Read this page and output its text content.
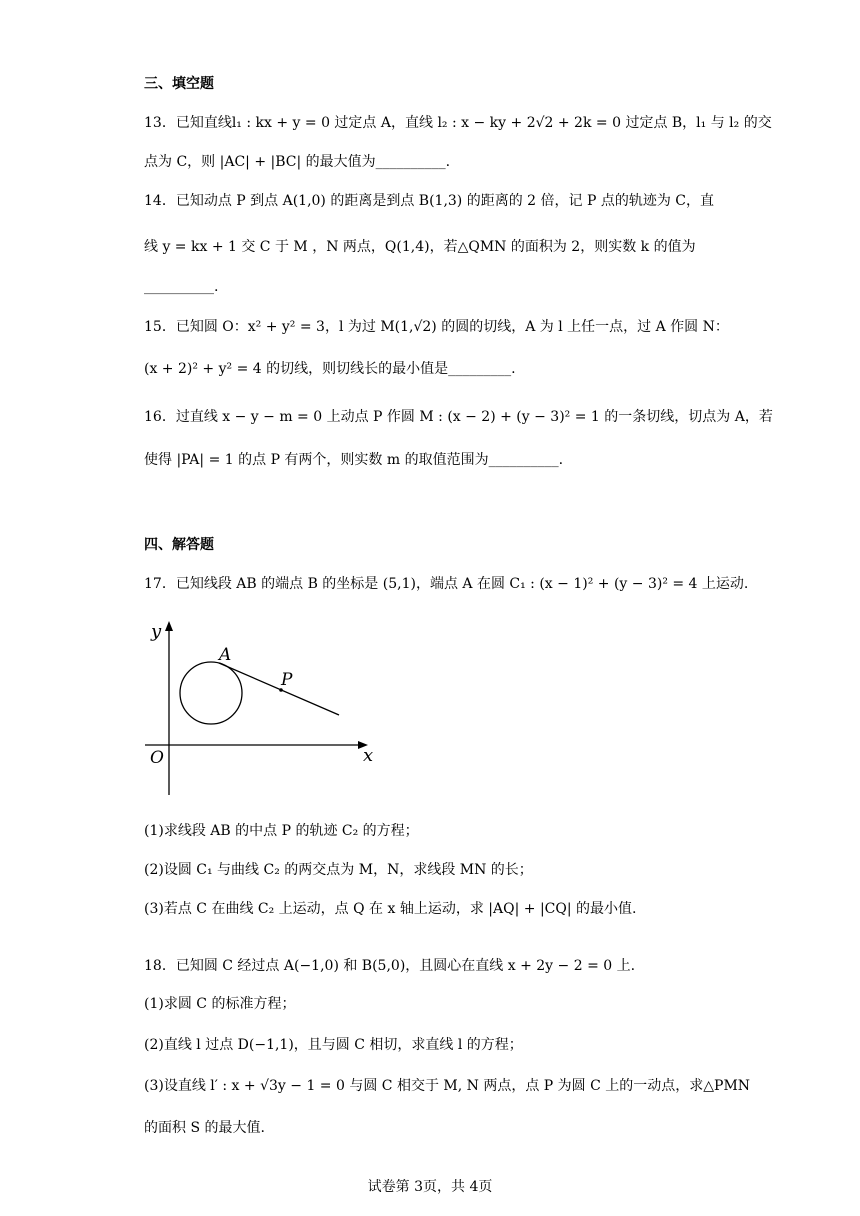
三、填空题
13．已知直线l₁ : kx + y = 0 过定点 A，直线 l₂ : x − ky + 2√2 + 2k = 0 过定点 B，l₁ 与 l₂ 的交
点为 C，则 |AC| + |BC| 的最大值为__________.
14．已知动点 P 到点 A(1,0) 的距离是到点 B(1,3) 的距离的 2 倍，记 P 点的轨迹为 C，直
线 y = kx + 1 交 C 于 M ，N 两点，Q(1,4)，若△QMN 的面积为 2，则实数 k 的值为
__________.
15．已知圆 O：x² + y² = 3，l 为过 M(1,√2) 的圆的切线，A 为 l 上任一点，过 A 作圆 N：
(x + 2)² + y² = 4 的切线，则切线长的最小值是_________.
16．过直线 x − y − m = 0 上动点 P 作圆 M : (x − 2) + (y − 3)² = 1 的一条切线，切点为 A，若
使得 |PA| = 1 的点 P 有两个，则实数 m 的取值范围为__________.
四、解答题
17．已知线段 AB 的端点 B 的坐标是 (5,1)，端点 A 在圆 C₁ : (x − 1)² + (y − 3)² = 4 上运动.
y
x
O
A
P
(1)求线段 AB 的中点 P 的轨迹 C₂ 的方程；
(2)设圆 C₁ 与曲线 C₂ 的两交点为 M，N，求线段 MN 的长；
(3)若点 C 在曲线 C₂ 上运动，点 Q 在 x 轴上运动，求 |AQ| + |CQ| 的最小值.
18．已知圆 C 经过点 A(−1,0) 和 B(5,0)，且圆心在直线 x + 2y − 2 = 0 上.
(1)求圆 C 的标准方程；
(2)直线 l 过点 D(−1,1)，且与圆 C 相切，求直线 l 的方程；
(3)设直线 l′ : x + √3y − 1 = 0 与圆 C 相交于 M, N 两点，点 P 为圆 C 上的一动点，求△PMN
的面积 S 的最大值.
试卷第 3页，共 4页
